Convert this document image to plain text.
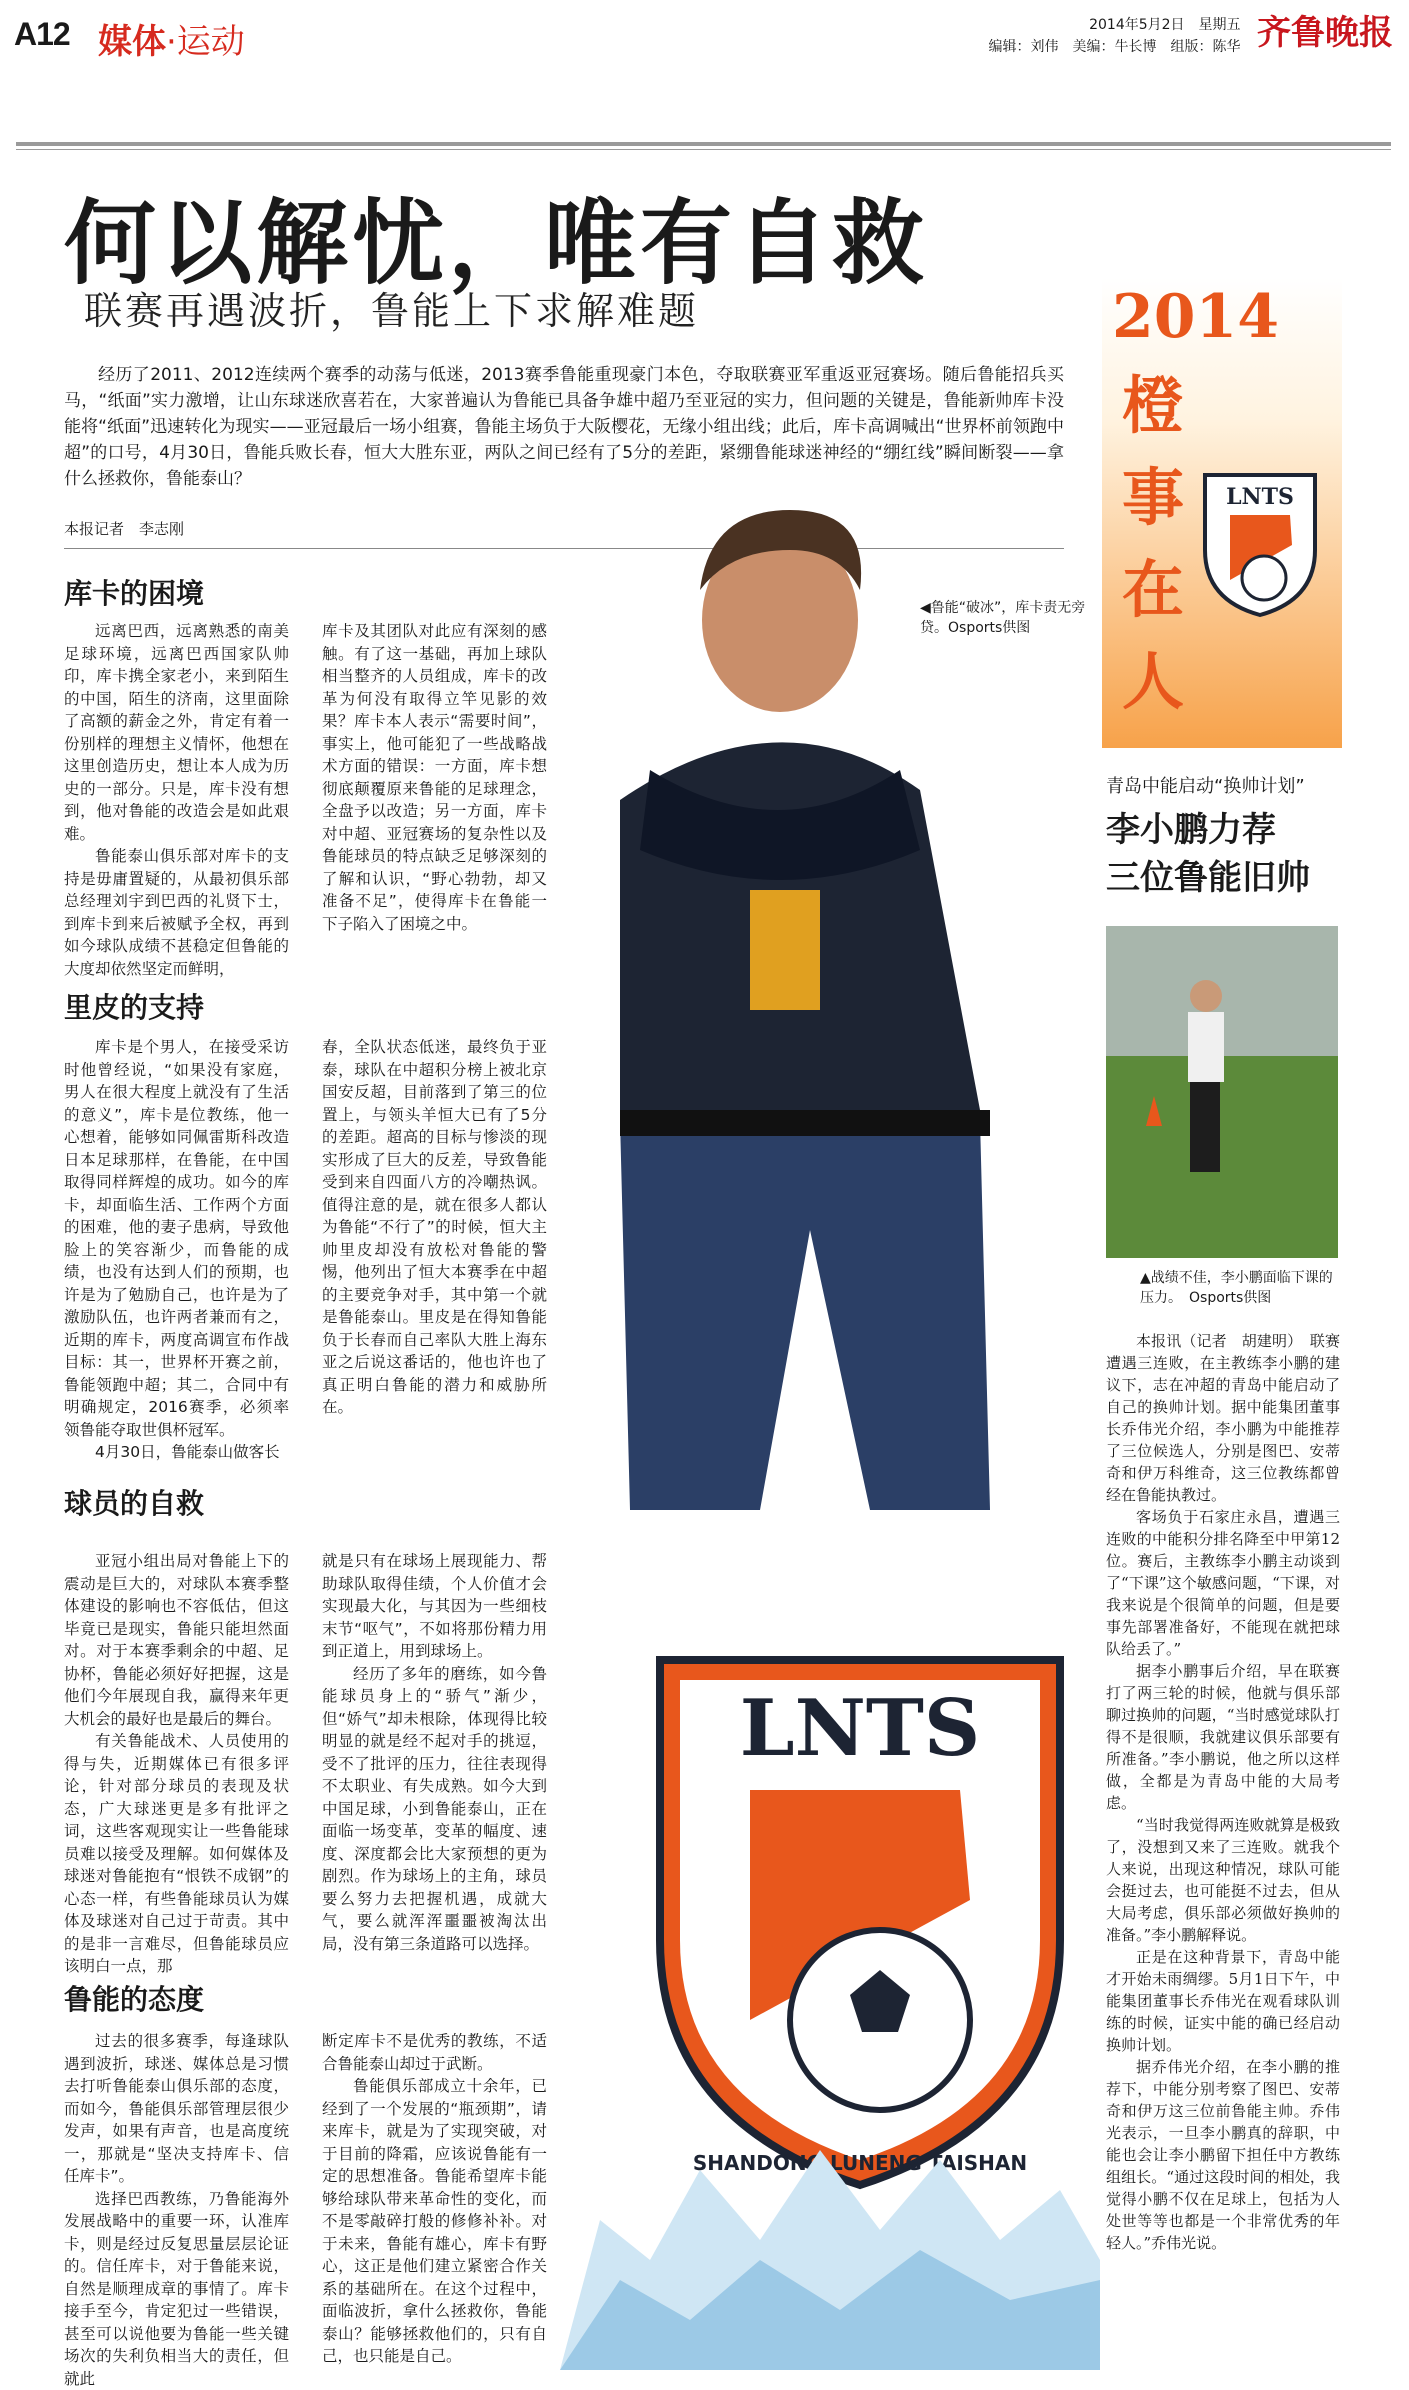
A12 媒体·运动	2014年5月2日　星期五
编辑：刘伟　美编：牛长博　组版：陈华 齐鲁晚报
何以解忧，唯有自救
联赛再遇波折，鲁能上下求解难题
经历了2011、2012连续两个赛季的动荡与低迷，2013赛季鲁能重现豪门本色，夺取联赛亚军重返亚冠赛场。随后鲁能招兵买马，“纸面”实力激增，让山东球迷欣喜若在，大家普遍认为鲁能已具备争雄中超乃至亚冠的实力，但问题的关键是，鲁能新帅库卡没能将“纸面”迅速转化为现实——亚冠最后一场小组赛，鲁能主场负于大阪樱花，无缘小组出线；此后，库卡高调喊出“世界杯前领跑中超”的口号，4月30日，鲁能兵败长春，恒大大胜东亚，两队之间已经有了5分的差距，紧绷鲁能球迷神经的“绷红线”瞬间断裂——拿什么拯救你，鲁能泰山？
本报记者　李志刚
◀鲁能“破冰”，库卡责无旁贷。Osports供图
库卡的困境

远离巴西，远离熟悉的南美足球环境，远离巴西国家队帅印，库卡携全家老小，来到陌生的中国，陌生的济南，这里面除了高额的薪金之外，肯定有着一份别样的理想主义情怀，他想在这里创造历史，想让本人成为历史的一部分。只是，库卡没有想到，他对鲁能的改造会是如此艰难。

鲁能泰山俱乐部对库卡的支持是毋庸置疑的，从最初俱乐部总经理刘宇到巴西的礼贤下士，到库卡到来后被赋予全权，再到如今球队成绩不甚稳定但鲁能的大度却依然坚定而鲜明，

库卡及其团队对此应有深刻的感触。有了这一基础，再加上球队相当整齐的人员组成，库卡的改革为何没有取得立竿见影的效果？库卡本人表示“需要时间”，事实上，他可能犯了一些战略战术方面的错误：一方面，库卡想彻底颠覆原来鲁能的足球理念，全盘予以改造；另一方面，库卡对中超、亚冠赛场的复杂性以及鲁能球员的特点缺乏足够深刻的了解和认识，“野心勃勃，却又准备不足”，使得库卡在鲁能一下子陷入了困境之中。

里皮的支持

库卡是个男人，在接受采访时他曾经说，“如果没有家庭，男人在很大程度上就没有了生活的意义”，库卡是位教练，他一心想着，能够如同佩雷斯科改造日本足球那样，在鲁能，在中国取得同样辉煌的成功。如今的库卡，却面临生活、工作两个方面的困难，他的妻子患病，导致他脸上的笑容渐少，而鲁能的成绩，也没有达到人们的预期，也许是为了勉励自己，也许是为了激励队伍，也许两者兼而有之，近期的库卡，两度高调宣布作战目标：其一，世界杯开赛之前，鲁能领跑中超；其二，合同中有明确规定，2016赛季，必须率领鲁能夺取世俱杯冠军。

4月30日，鲁能泰山做客长

春，全队状态低迷，最终负于亚泰，球队在中超积分榜上被北京国安反超，目前落到了第三的位置上，与领头羊恒大已有了5分的差距。超高的目标与惨淡的现实形成了巨大的反差，导致鲁能受到来自四面八方的冷嘲热讽。值得注意的是，就在很多人都认为鲁能“不行了”的时候，恒大主帅里皮却没有放松对鲁能的警惕，他列出了恒大本赛季在中超的主要竞争对手，其中第一个就是鲁能泰山。里皮是在得知鲁能负于长春而自己率队大胜上海东亚之后说这番话的，他也许也了真正明白鲁能的潜力和威胁所在。

球员的自救

亚冠小组出局对鲁能上下的震动是巨大的，对球队本赛季整体建设的影响也不容低估，但这毕竟已是现实，鲁能只能坦然面对。对于本赛季剩余的中超、足协杯，鲁能必须好好把握，这是他们今年展现自我，赢得来年更大机会的最好也是最后的舞台。

有关鲁能战术、人员使用的得与失，近期媒体已有很多评论，针对部分球员的表现及状态，广大球迷更是多有批评之词，这些客观现实让一些鲁能球员难以接受及理解。如何媒体及球迷对鲁能抱有“恨铁不成钢”的心态一样，有些鲁能球员认为媒体及球迷对自己过于苛责。其中的是非一言难尽，但鲁能球员应该明白一点，那

就是只有在球场上展现能力、帮助球队取得佳绩，个人价值才会实现最大化，与其因为一些细枝末节“呕气”，不如将那份精力用到正道上，用到球场上。

经历了多年的磨练，如今鲁能球员身上的“骄气”渐少，但“娇气”却未根除，体现得比较明显的就是经不起对手的挑逗，受不了批评的压力，往往表现得不太职业、有失成熟。如今大到中国足球，小到鲁能泰山，正在面临一场变革，变革的幅度、速度、深度都会比大家预想的更为剧烈。作为球场上的主角，球员要么努力去把握机遇，成就大气，要么就浑浑噩噩被淘汰出局，没有第三条道路可以选择。

鲁能的态度

过去的很多赛季，每逢球队遇到波折，球迷、媒体总是习惯去打听鲁能泰山俱乐部的态度，而如今，鲁能俱乐部管理层很少发声，如果有声音，也是高度统一，那就是“坚决支持库卡、信任库卡”。

选择巴西教练，乃鲁能海外发展战略中的重要一环，认准库卡，则是经过反复思量层层论证的。信任库卡，对于鲁能来说，自然是顺理成章的事情了。库卡接手至今，肯定犯过一些错误，甚至可以说他要为鲁能一些关键场次的失利负相当大的责任，但就此

断定库卡不是优秀的教练，不适合鲁能泰山却过于武断。

鲁能俱乐部成立十余年，已经到了一个发展的“瓶颈期”，请来库卡，就是为了实现突破，对于目前的降霜，应该说鲁能有一定的思想准备。鲁能希望库卡能够给球队带来革命性的变化，而不是零敲碎打般的修修补补。对于未来，鲁能有雄心，库卡有野心，这正是他们建立紧密合作关系的基础所在。在这个过程中，面临波折，拿什么拯救你，鲁能泰山？能够拯救他们的，只有自己，也只能是自己。

LNTS
SHANDONG LUNENG TAISHAN
2014
橙
事
在
人
LNTS
青岛中能启动“换帅计划”
李小鹏力荐
三位鲁能旧帅
▲战绩不佳，李小鹏面临下课的压力。　Osports供图

本报讯（记者　胡建明）　联赛遭遇三连败，在主教练李小鹏的建议下，志在冲超的青岛中能启动了自己的换帅计划。据中能集团董事长乔伟光介绍，李小鹏为中能推荐了三位候选人，分别是图巴、安蒂奇和伊万科维奇，这三位教练都曾经在鲁能执教过。

客场负于石家庄永昌，遭遇三连败的中能积分排名降至中甲第12位。赛后，主教练李小鹏主动谈到了“下课”这个敏感问题，“下课，对我来说是个很简单的问题，但是要事先部署准备好，不能现在就把球队给丢了。”

据李小鹏事后介绍，早在联赛打了两三轮的时候，他就与俱乐部聊过换帅的问题，“当时感觉球队打得不是很顺，我就建议俱乐部要有所准备。”李小鹏说，他之所以这样做，全都是为青岛中能的大局考虑。

“当时我觉得两连败就算是极致了，没想到又来了三连败。就我个人来说，出现这种情况，球队可能会挺过去，也可能挺不过去，但从大局考虑，俱乐部必须做好换帅的准备。”李小鹏解释说。

正是在这种背景下，青岛中能才开始未雨绸缪。5月1日下午，中能集团董事长乔伟光在观看球队训练的时候，证实中能的确已经启动换帅计划。

据乔伟光介绍，在李小鹏的推荐下，中能分别考察了图巴、安蒂奇和伊万这三位前鲁能主帅。乔伟光表示，一旦李小鹏真的辞职，中能也会让李小鹏留下担任中方教练组组长。“通过这段时间的相处，我觉得小鹏不仅在足球上，包括为人处世等等也都是一个非常优秀的年轻人。”乔伟光说。
